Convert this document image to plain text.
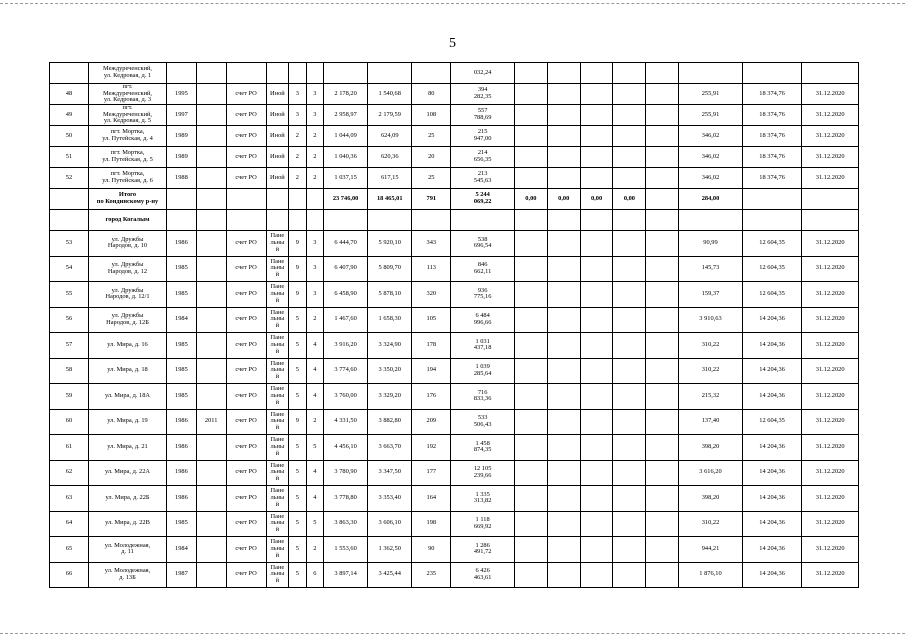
5
	Междуреченский,
ул. Кедровая, д. 1										032,24								
48	пгт.
Междуреченский,
ул. Кедровая, д. 3	1995		счет РО	Иной	3	3	2 178,20	1 540,68	80	394
282,35						255,91	18 374,76	31.12.2020
49	пгт.
Междуреченский,
ул. Кедровая, д. 5	1997		счет РО	Иной	3	3	2 958,97	2 179,59	108	557
788,69						255,91	18 374,76	31.12.2020
50	пгт. Мортка,
ул. Путейская, д. 4	1989		счет РО	Иной	2	2	1 044,09	624,09	25	215
947,00						346,02	18 374,76	31.12.2020
51	пгт. Мортка,
ул. Путейская, д. 5	1989		счет РО	Иной	2	2	1 040,36	620,36	20	214
656,35						346,02	18 374,76	31.12.2020
52	пгт. Мортка,
ул. Путейская, д. 6	1988		счет РО	Иной	2	2	1 037,15	617,15	25	213
545,63						346,02	18 374,76	31.12.2020
	Итого
по Кондинскому р-ну							23 746,00	18 465,01	791	5 244
069,22	0,00	0,00	0,00	0,00		284,00		
	город Когалым																		
53	ул. Дружбы
Народов, д. 10	1986		счет РО	Пане
льны
й	9	3	6 444,70	5 920,10	343	538
696,54						90,99	12 604,35	31.12.2020
54	ул. Дружбы
Народов, д. 12	1985		счет РО	Пане
льны
й	9	3	6 407,90	5 809,70	113	846
662,11						145,73	12 604,35	31.12.2020
55	ул. Дружбы
Народов, д. 12/1	1985		счет РО	Пане
льны
й	9	3	6 458,90	5 878,10	320	936
775,16						159,37	12 604,35	31.12.2020
56	ул. Дружбы
Народов, д. 12Б	1984		счет РО	Пане
льны
й	5	2	1 467,60	1 658,30	105	6 484
996,66						3 910,63	14 204,36	31.12.2020
57	ул. Мира, д. 16	1985		счет РО	Пане
льны
й	5	4	3 916,20	3 324,90	178	1 031
437,18						310,22	14 204,36	31.12.2020
58	ул. Мира, д. 18	1985		счет РО	Пане
льны
й	5	4	3 774,60	3 350,20	194	1 039
285,64						310,22	14 204,36	31.12.2020
59	ул. Мира, д. 18А	1985		счет РО	Пане
льны
й	5	4	3 760,00	3 329,20	176	716
833,36						215,32	14 204,36	31.12.2020
60	ул. Мира, д. 19	1986	2011	счет РО	Пане
льны
й	9	2	4 331,50	3 882,80	209	533
506,43						137,40	12 604,35	31.12.2020
61	ул. Мира, д. 21	1986		счет РО	Пане
льны
й	5	5	4 456,10	3 663,70	192	1 458
874,35						398,20	14 204,36	31.12.2020
62	ул. Мира, д. 22А	1986		счет РО	Пане
льны
й	5	4	3 780,90	3 347,50	177	12 105
239,66						3 616,20	14 204,36	31.12.2020
63	ул. Мира, д. 22Б	1986		счет РО	Пане
льны
й	5	4	3 778,80	3 353,40	164	1 335
313,82						398,20	14 204,36	31.12.2020
64	ул. Мира, д. 22В	1985		счет РО	Пане
льны
й	5	5	3 863,30	3 606,10	198	1 118
669,92						310,22	14 204,36	31.12.2020
65	ул. Молодежная,
д. 11	1984		счет РО	Пане
льны
й	5	2	1 553,60	1 362,50	90	1 286
491,72						944,21	14 204,36	31.12.2020
66	ул. Молодежная,
д. 13Б	1987		счет РО	Пане
льны
й	5	6	3 897,14	3 425,44	235	6 426
463,61						1 876,10	14 204,36	31.12.2020
